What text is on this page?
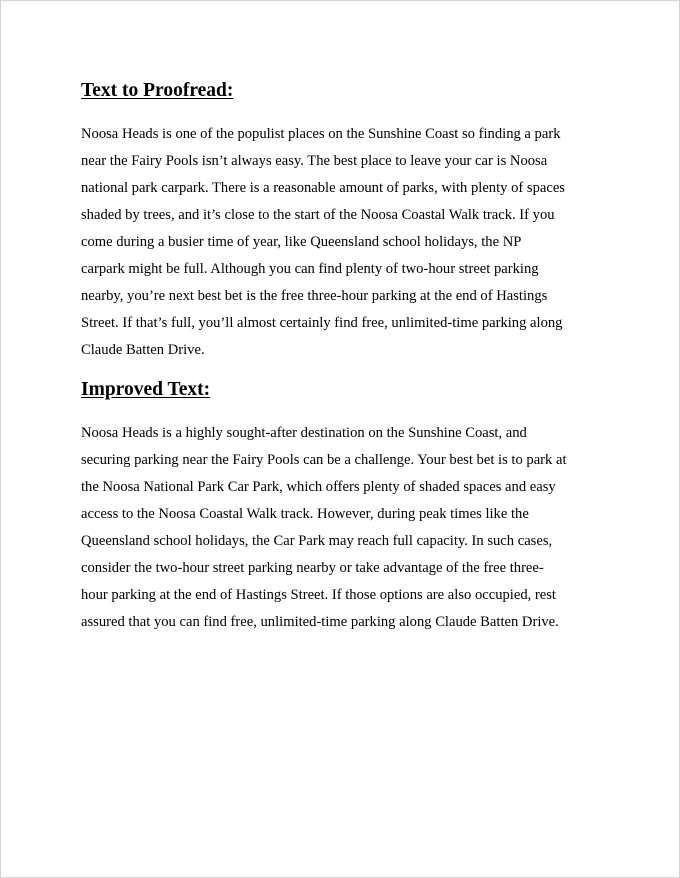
Text to Proofread:

Noosa Heads is one of the populist places on the Sunshine Coast so finding a park
near the Fairy Pools isn’t always easy. The best place to leave your car is Noosa
national park carpark. There is a reasonable amount of parks, with plenty of spaces
shaded by trees, and it’s close to the start of the Noosa Coastal Walk track. If you
come during a busier time of year, like Queensland school holidays, the NP
carpark might be full. Although you can find plenty of two-hour street parking
nearby, you’re next best bet is the free three-hour parking at the end of Hastings
Street. If that’s full, you’ll almost certainly find free, unlimited-time parking along
Claude Batten Drive.

Improved Text:

Noosa Heads is a highly sought-after destination on the Sunshine Coast, and
securing parking near the Fairy Pools can be a challenge. Your best bet is to park at
the Noosa National Park Car Park, which offers plenty of shaded spaces and easy
access to the Noosa Coastal Walk track. However, during peak times like the
Queensland school holidays, the Car Park may reach full capacity. In such cases,
consider the two-hour street parking nearby or take advantage of the free three-
hour parking at the end of Hastings Street. If those options are also occupied, rest
assured that you can find free, unlimited-time parking along Claude Batten Drive.
